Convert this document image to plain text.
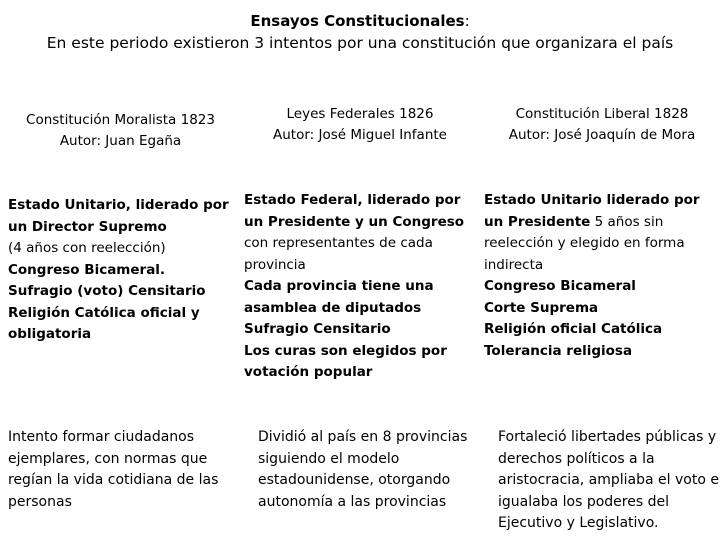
Ensayos Constitucionales:
En este periodo existieron 3 intentos por una constitución que organizara el país

Constitución Moralista 1823

Autor: Juan Egaña

Leyes Federales 1826

Autor: José Miguel Infante

Constitución Liberal 1828

Autor: José Joaquín de Mora

Estado Unitario, liderado por un Director Supremo

(4 años con reelección)

Congreso Bicameral.

Sufragio (voto) Censitario

Religión Católica oficial y obligatoria

Estado Federal, liderado por un Presidente y un Congreso

con representantes de cada provincia

Cada provincia tiene una asamblea de diputados

Sufragio Censitario

Los curas son elegidos por votación popular

Estado Unitario liderado por un Presidente 5 años sin reelección y elegido en forma indirecta

Congreso Bicameral

Corte Suprema

Religión oficial Católica

Tolerancia religiosa

Intento formar ciudadanos ejemplares, con normas que regían la vida cotidiana de las personas
Dividió al país en 8 provincias siguiendo el modelo estadounidense, otorgando autonomía a las provincias
Fortaleció libertades públicas y derechos políticos a la aristocracia, ampliaba el voto e igualaba los poderes del Ejecutivo y Legislativo.
